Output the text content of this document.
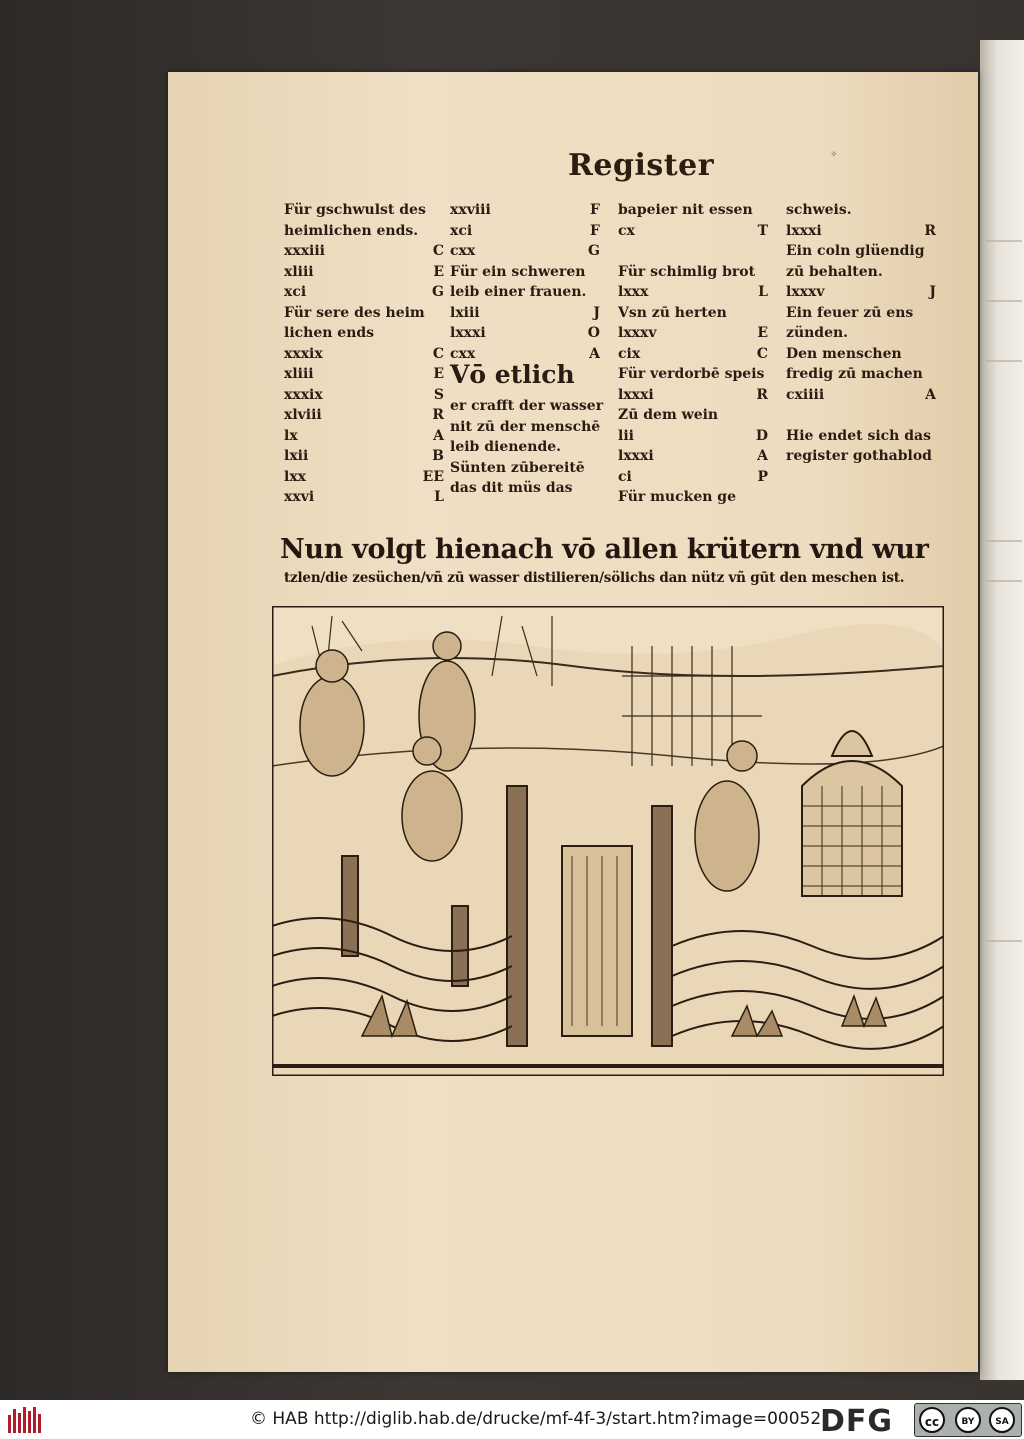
Register	✧
Für gschwulst des
heimlichen ends.
xxxiii	C
xliii	E
xci	G
Für sere des heim
lichen ends
xxxix	C
xliii	E
xxxix	S
xlviii	R
lx	A
lxii	B
lxx	EE
xxvi	L
xxviii	F
xci	F
cxx	G
Für ein schweren
leib einer frauen.
lxiii	J
lxxxi	O
cxx	A
Vō etlich
er crafft der wasser
nit zū der menschē
leib dienende.
Sünten zūbereitē
das dit müs das
bapeier nit essen
cx	T
Für schimlig brot
lxxx	L
Vsn zū herten
lxxxv	E
cix	C
Für verdorbē speis
lxxxi	R
Zū dem wein
lii	D
lxxxi	A
ci	P
Für mucken ge
schweis.
lxxxi	R
Ein coln glüendig
zū behalten.
lxxxv	J
Ein feuer zū ens
zünden.
Den menschen
fredig zū machen
cxiiii	A
Hie endet sich das
register gothablod
Nun volgt hienach vō allen krütern vnd wur
tzlen/die zesüchen/vñ zū wasser distilieren/sölichs dan nütz vñ gūt den meschen ist.
© HAB http://diglib.hab.de/drucke/mf-4f-3/start.htm?image=00052
DFG	cc	BY	SA
